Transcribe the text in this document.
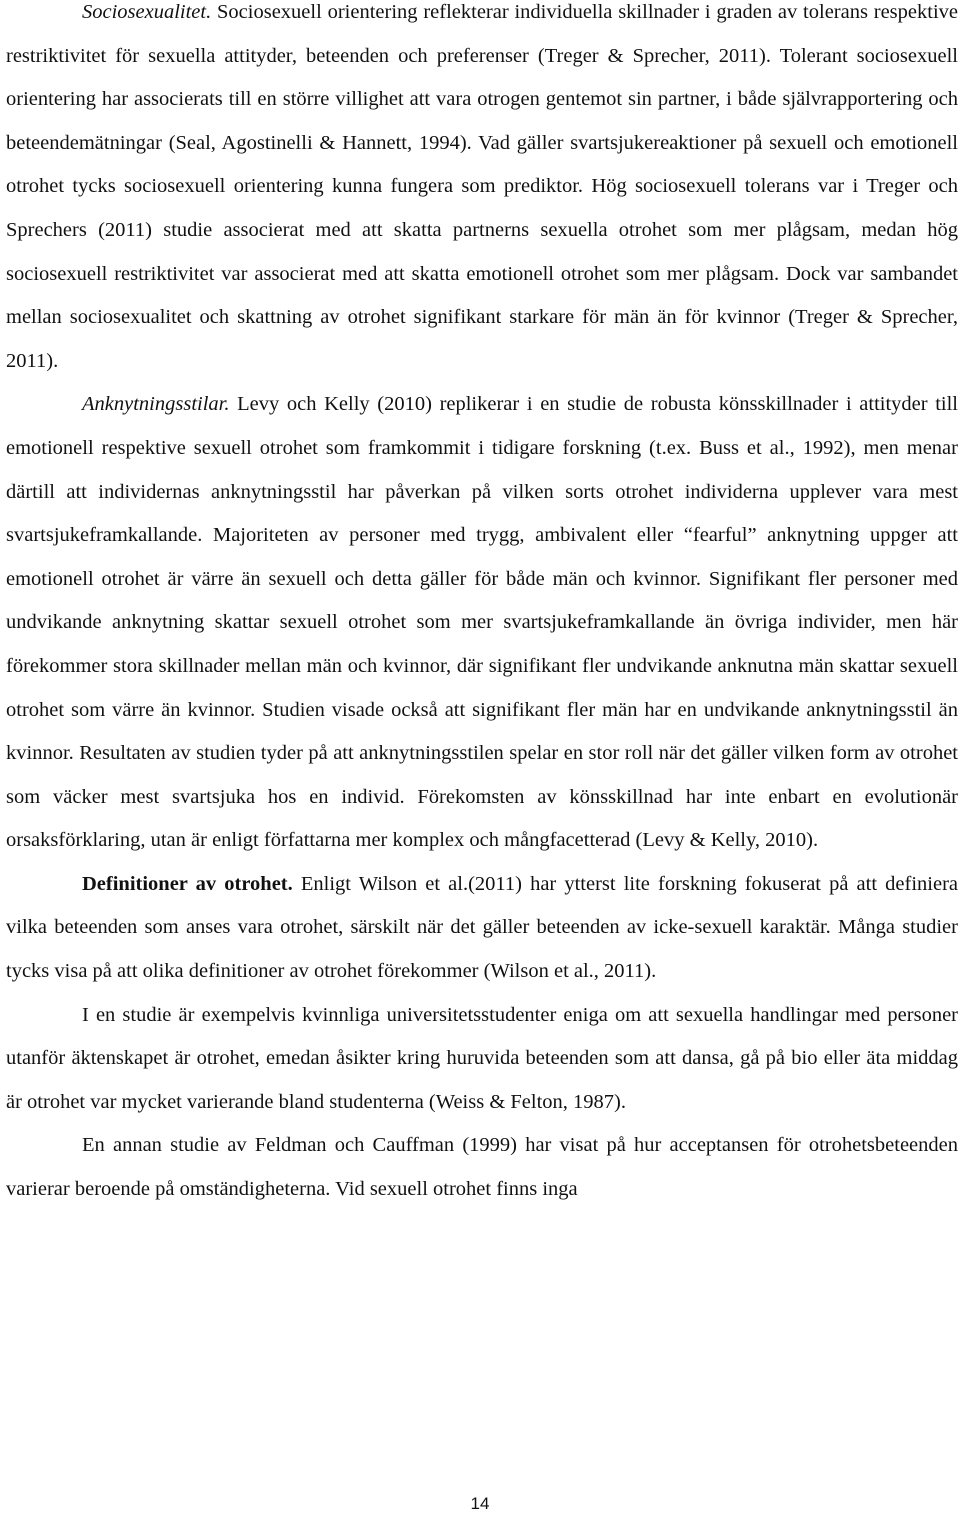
Sociosexualitet. Sociosexuell orientering reflekterar individuella skillnader i graden av tolerans respektive restriktivitet för sexuella attityder, beteenden och preferenser (Treger & Sprecher, 2011). Tolerant sociosexuell orientering har associerats till en större villighet att vara otrogen gentemot sin partner, i både självrapportering och beteendemätningar (Seal, Agostinelli & Hannett, 1994). Vad gäller svartsjukereaktioner på sexuell och emotionell otrohet tycks sociosexuell orientering kunna fungera som prediktor. Hög sociosexuell tolerans var i Treger och Sprechers (2011) studie associerat med att skatta partnerns sexuella otrohet som mer plågsam, medan hög sociosexuell restriktivitet var associerat med att skatta emotionell otrohet som mer plågsam. Dock var sambandet mellan sociosexualitet och skattning av otrohet signifikant starkare för män än för kvinnor (Treger & Sprecher, 2011).

Anknytningsstilar. Levy och Kelly (2010) replikerar i en studie de robusta könsskillnader i attityder till emotionell respektive sexuell otrohet som framkommit i tidigare forskning (t.ex. Buss et al., 1992), men menar därtill att individernas anknytningsstil har påverkan på vilken sorts otrohet individerna upplever vara mest svartsjukeframkallande. Majoriteten av personer med trygg, ambivalent eller “fearful” anknytning uppger att emotionell otrohet är värre än sexuell och detta gäller för både män och kvinnor. Signifikant fler personer med undvikande anknytning skattar sexuell otrohet som mer svartsjukeframkallande än övriga individer, men här förekommer stora skillnader mellan män och kvinnor, där signifikant fler undvikande anknutna män skattar sexuell otrohet som värre än kvinnor. Studien visade också att signifikant fler män har en undvikande anknytningsstil än kvinnor. Resultaten av studien tyder på att anknytningsstilen spelar en stor roll när det gäller vilken form av otrohet som väcker mest svartsjuka hos en individ. Förekomsten av könsskillnad har inte enbart en evolutionär orsaksförklaring, utan är enligt författarna mer komplex och mångfacetterad (Levy & Kelly, 2010).

Definitioner av otrohet. Enligt Wilson et al.(2011) har ytterst lite forskning fokuserat på att definiera vilka beteenden som anses vara otrohet, särskilt när det gäller beteenden av icke-sexuell karaktär. Många studier tycks visa på att olika definitioner av otrohet förekommer (Wilson et al., 2011).

I en studie är exempelvis kvinnliga universitetsstudenter eniga om att sexuella handlingar med personer utanför äktenskapet är otrohet, emedan åsikter kring huruvida beteenden som att dansa, gå på bio eller äta middag är otrohet var mycket varierande bland studenterna (Weiss & Felton, 1987).

En annan studie av Feldman och Cauffman (1999) har visat på hur acceptansen för otrohetsbeteenden varierar beroende på omständigheterna. Vid sexuell otrohet finns inga

14
